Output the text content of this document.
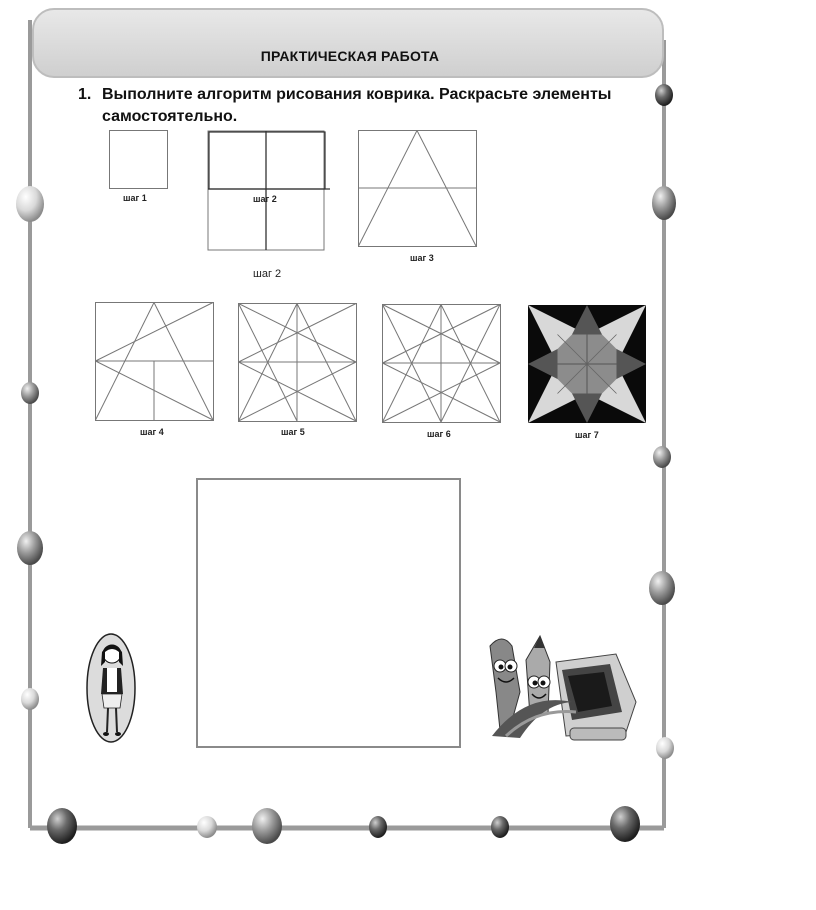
ПРАКТИЧЕСКАЯ РАБОТА
1. Выполните алгоритм рисования коврика. Раскрасьте элементы самостоятельно.
шаг 1	шаг 2
шаг 2
шаг 3
шаг 4	шаг 5	шаг 6	шаг 7
